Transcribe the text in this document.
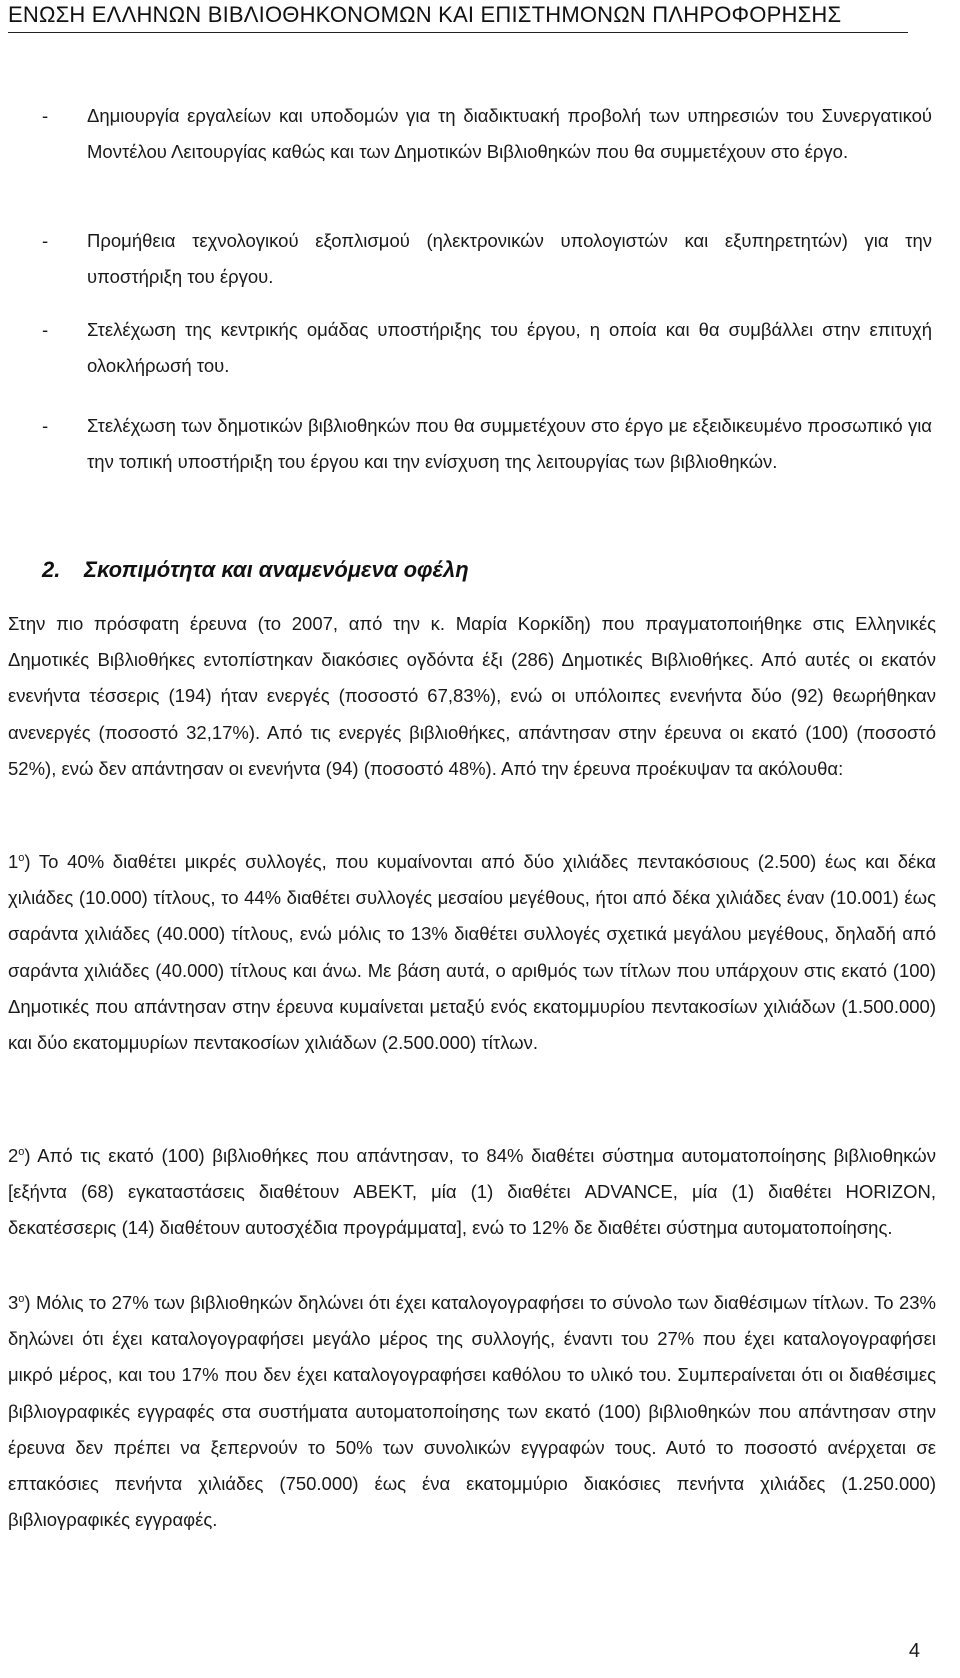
ΕΝΩΣΗ ΕΛΛΗΝΩΝ ΒΙΒΛΙΟΘΗΚΟΝΟΜΩΝ ΚΑΙ ΕΠΙΣΤΗΜΟΝΩΝ ΠΛΗΡΟΦΟΡΗΣΗΣ
-	Δημιουργία εργαλείων και υποδομών για τη διαδικτυακή προβολή των υπηρεσιών του Συνεργατικού Μοντέλου Λειτουργίας καθώς και των Δημοτικών Βιβλιοθηκών που θα συμμετέχουν στο έργο.
-	Προμήθεια τεχνολογικού εξοπλισμού (ηλεκτρονικών υπολογιστών και εξυπηρετητών) για την υποστήριξη του έργου.
-	Στελέχωση της κεντρικής ομάδας υποστήριξης του έργου, η οποία και θα συμβάλλει στην επιτυχή ολοκλήρωσή του.
-	Στελέχωση των δημοτικών βιβλιοθηκών που θα συμμετέχουν στο έργο με εξειδικευμένο προσωπικό για την τοπική υποστήριξη του έργου και την ενίσχυση της λειτουργίας των βιβλιοθηκών.
2. Σκοπιμότητα και αναμενόμενα οφέλη
Στην πιο πρόσφατη έρευνα (το 2007, από την κ. Μαρία Κορκίδη) που πραγματοποιήθηκε στις Ελληνικές Δημοτικές Βιβλιοθήκες εντοπίστηκαν διακόσιες ογδόντα έξι (286) Δημοτικές Βιβλιοθήκες. Από αυτές οι εκατόν ενενήντα τέσσερις (194) ήταν ενεργές (ποσοστό 67,83%), ενώ οι υπόλοιπες ενενήντα δύο (92) θεωρήθηκαν ανενεργές (ποσοστό 32,17%). Από τις ενεργές βιβλιοθήκες, απάντησαν στην έρευνα οι εκατό (100) (ποσοστό 52%), ενώ δεν απάντησαν οι ενενήντα (94) (ποσοστό 48%). Από την έρευνα προέκυψαν τα ακόλουθα:
$1^o$) Το 40% διαθέτει μικρές συλλογές, που κυμαίνονται από δύο χιλιάδες πεντακόσιους (2.500) έως και δέκα χιλιάδες (10.000) τίτλους, το 44% διαθέτει συλλογές μεσαίου μεγέθους, ήτοι από δέκα χιλιάδες έναν (10.001) έως σαράντα χιλιάδες (40.000) τίτλους, ενώ μόλις το 13% διαθέτει συλλογές σχετικά μεγάλου μεγέθους, δηλαδή από σαράντα χιλιάδες (40.000) τίτλους και άνω. Με βάση αυτά, ο αριθμός των τίτλων που υπάρχουν στις εκατό (100) Δημοτικές που απάντησαν στην έρευνα κυμαίνεται μεταξύ ενός εκατομμυρίου πεντακοσίων χιλιάδων (1.500.000) και δύο εκατομμυρίων πεντακοσίων χιλιάδων (2.500.000) τίτλων.
$2^o$) Από τις εκατό (100) βιβλιοθήκες που απάντησαν, το 84% διαθέτει σύστημα αυτοματοποίησης βιβλιοθηκών [εξήντα (68) εγκαταστάσεις διαθέτουν ABEKT, μία (1) διαθέτει ADVANCE, μία (1) διαθέτει HORIZON, δεκατέσσερις (14) διαθέτουν αυτοσχέδια προγράμματα], ενώ το 12% δε διαθέτει σύστημα αυτοματοποίησης.
$3^o$) Μόλις το 27% των βιβλιοθηκών δηλώνει ότι έχει καταλογογραφήσει το σύνολο των διαθέσιμων τίτλων. Το 23% δηλώνει ότι έχει καταλογογραφήσει μεγάλο μέρος της συλλογής, έναντι του 27% που έχει καταλογογραφήσει μικρό μέρος, και του 17% που δεν έχει καταλογογραφήσει καθόλου το υλικό του. Συμπεραίνεται ότι οι διαθέσιμες βιβλιογραφικές εγγραφές στα συστήματα αυτοματοποίησης των εκατό (100) βιβλιοθηκών που απάντησαν στην έρευνα δεν πρέπει να ξεπερνούν το 50% των συνολικών εγγραφών τους. Αυτό το ποσοστό ανέρχεται σε επτακόσιες πενήντα χιλιάδες (750.000) έως ένα εκατομμύριο διακόσιες πενήντα χιλιάδες (1.250.000) βιβλιογραφικές εγγραφές.
4
